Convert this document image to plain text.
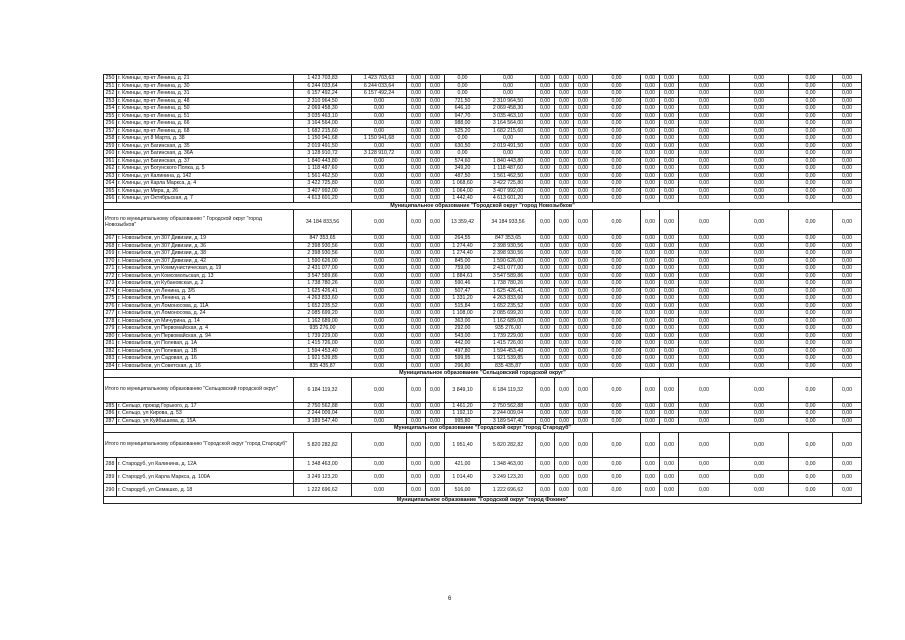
250	г. Клинцы, пр-кт Ленина, д. 21	1 423 703,83	1 423 703,63	0,00	0,00	0,00	0,00	0,00	0,00	0,00	0,00	0,00	0,00	0,00	0,00	0,00	0,00
251	г. Клинцы, пр-кт Ленина, д. 30	6 244 033,64	6 244 033,64	0,00	0,00	0,00	0,00	0,00	0,00	0,00	0,00	0,00	0,00	0,00	0,00	0,00	0,00
252	г. Клинцы, пр-кт Ленина, д. 31	6 157 492,24	6 157 492,24	0,00	0,00	0,00	0,00	0,00	0,00	0,00	0,00	0,00	0,00	0,00	0,00	0,00	0,00
253	г. Клинцы, пр-кт Ленина, д. 48	2 310 964,50	0,00	0,00	0,00	721,50	2 310 964,50	0,00	0,00	0,00	0,00	0,00	0,00	0,00	0,00	0,00	0,00
254	г. Клинцы, пр-кт Ленина, д. 50	2 069 458,30	0,00	0,00	0,00	646,10	2 069 458,30	0,00	0,00	0,00	0,00	0,00	0,00	0,00	0,00	0,00	0,00
255	г. Клинцы, пр-кт Ленина, д. 51	3 035 463,10	0,00	0,00	0,00	947,70	3 035 463,10	0,00	0,00	0,00	0,00	0,00	0,00	0,00	0,00	0,00	0,00
256	г. Клинцы, пр-кт Ленина, д. 66	3 164 564,00	0,00	0,00	0,00	988,00	3 164 564,00	0,00	0,00	0,00	0,00	0,00	0,00	0,00	0,00	0,00	0,00
257	г. Клинцы, пр-кт Ленина, д. 68	1 682 215,60	0,00	0,00	0,00	525,20	1 682 215,60	0,00	0,00	0,00	0,00	0,00	0,00	0,00	0,00	0,00	0,00
258	г. Клинцы, ул 8 Марта, д. 38	1 150 941,68	1 150 941,68	0,00	0,00	0,00	0,00	0,00	0,00	0,00	0,00	0,00	0,00	0,00	0,00	0,00	0,00
259	г. Клинцы, ул Багинская, д. 35	2 019 491,50	0,00	0,00	0,00	630,50	2 019 491,50	0,00	0,00	0,00	0,00	0,00	0,00	0,00	0,00	0,00	0,00
260	г. Клинцы, ул Багинская, д. 36А	3 128 910,72	3 128 910,72	0,00	0,00	0,00	0,00	0,00	0,00	0,00	0,00	0,00	0,00	0,00	0,00	0,00	0,00
261	г. Клинцы, ул Багинская, д. 37	1 840 443,80	0,00	0,00	0,00	574,60	1 840 443,80	0,00	0,00	0,00	0,00	0,00	0,00	0,00	0,00	0,00	0,00
262	г. Клинцы, ул Богунского Полка, д. 5	1 118 487,60	0,00	0,00	0,00	349,20	1 118 487,60	0,00	0,00	0,00	0,00	0,00	0,00	0,00	0,00	0,00	0,00
263	г. Клинцы, ул Калинина, д. 142	1 561 462,50	0,00	0,00	0,00	487,50	1 561 462,50	0,00	0,00	0,00	0,00	0,00	0,00	0,00	0,00	0,00	0,00
264	г. Клинцы, ул Карла Маркса, д. 4	3 422 725,80	0,00	0,00	0,00	1 068,60	3 422 725,80	0,00	0,00	0,00	0,00	0,00	0,00	0,00	0,00	0,00	0,00
265	г. Клинцы, ул Мира, д. 26	3 407 992,00	0,00	0,00	0,00	1 064,00	3 407 992,00	0,00	0,00	0,00	0,00	0,00	0,00	0,00	0,00	0,00	0,00
266	г. Клинцы, ул Октябрьская, д. 7	4 613 601,20	0,00	0,00	0,00	1 442,40	4 613 601,20	0,00	0,00	0,00	0,00	0,00	0,00	0,00	0,00	0,00	0,00
Муниципальное образование "Городской округ "город Новозыбков"																	
Итого по муниципальному образованию " Городской округ "город Новозыбков"		34 184 833,56	0,00	0,00	0,00	13 359,42	34 184 933,56	0,00	0,00	0,00	0,00	0,00	0,00	0,00	0,00	0,00	0,00
267	г. Новозыбков, ул 307 Дивизии, д. 19	847 353,65	0,00	0,00	0,00	264,55	847 353,65	0,00	0,00	0,00	0,00	0,00	0,00	0,00	0,00	0,00	0,00
268	г. Новозыбков, ул 307 Дивизии, д. 36	2 398 930,56	0,00	0,00	0,00	1 274,40	2 398 930,56	0,00	0,00	0,00	0,00	0,00	0,00	0,00	0,00	0,00	0,00
269	г. Новозыбков, ул 307 Дивизии, д. 38	2 398 930,56	0,00	0,00	0,00	1 274,40	2 398 930,56	0,00	0,00	0,00	0,00	0,00	0,00	0,00	0,00	0,00	0,00
270	г. Новозыбков, ул 307 Дивизии, д. 42	1 590 626,00	0,00	0,00	0,00	845,00	1 590 626,00	0,00	0,00	0,00	0,00	0,00	0,00	0,00	0,00	0,00	0,00
271	г. Новозыбков, ул Коммунистическая, д. 19	2 431 077,00	0,00	0,00	0,00	759,00	2 431 077,00	0,00	0,00	0,00	0,00	0,00	0,00	0,00	0,00	0,00	0,00
272	г. Новозыбков, ул Комсомольская, д. 13	3 547 589,86	0,00	0,00	0,00	1 884,61	3 547 589,86	0,00	0,00	0,00	0,00	0,00	0,00	0,00	0,00	0,00	0,00
273	г. Новозыбков, ул Кубановская, д. 2	1 738 780,26	0,00	0,00	0,00	590,46	1 738 780,26	0,00	0,00	0,00	0,00	0,00	0,00	0,00	0,00	0,00	0,00
274	г. Новозыбков, ул Ленина, д. 3/5	1 625 426,41	0,00	0,00	0,00	507,47	1 625 426,41	0,00	0,00	0,00	0,00	0,00	0,00	0,00	0,00	0,00	0,00
275	г. Новозыбков, ул Ленина, д. 4	4 263 833,60	0,00	0,00	0,00	1 331,20	4 263 833,60	0,00	0,00	0,00	0,00	0,00	0,00	0,00	0,00	0,00	0,00
276	г. Новозыбков, ул Ломоносова, д. 11А	1 652 235,52	0,00	0,00	0,00	515,84	1 652 235,52	0,00	0,00	0,00	0,00	0,00	0,00	0,00	0,00	0,00	0,00
277	г. Новозыбков, ул Ломоносова, д. 24	2 085 699,20	0,00	0,00	0,00	1 108,00	2 085 699,20	0,00	0,00	0,00	0,00	0,00	0,00	0,00	0,00	0,00	0,00
278	г. Новозыбков, ул Мичурина, д. 14	1 162 689,00	0,00	0,00	0,00	363,00	1 162 689,00	0,00	0,00	0,00	0,00	0,00	0,00	0,00	0,00	0,00	0,00
279	г. Новозыбков, ул Первомайская, д. 4	935 276,00	0,00	0,00	0,00	292,00	935 276,00	0,00	0,00	0,00	0,00	0,00	0,00	0,00	0,00	0,00	0,00
280	г. Новозыбков, ул Первомайская, д. 94	1 739 229,00	0,00	0,00	0,00	543,00	1 739 229,00	0,00	0,00	0,00	0,00	0,00	0,00	0,00	0,00	0,00	0,00
281	г. Новозыбков, ул Полевая, д. 1А	1 415 726,00	0,00	0,00	0,00	442,00	1 415 726,00	0,00	0,00	0,00	0,00	0,00	0,00	0,00	0,00	0,00	0,00
282	г. Новозыбков, ул Полевая, д. 1В	1 594 453,40	0,00	0,00	0,00	497,80	1 594 453,40	0,00	0,00	0,00	0,00	0,00	0,00	0,00	0,00	0,00	0,00
283	г. Новозыбков, ул Садовая, д. 16	1 921 539,85	0,00	0,00	0,00	599,95	1 921 539,85	0,00	0,00	0,00	0,00	0,00	0,00	0,00	0,00	0,00	0,00
284	г. Новозыбков, ул Советская, д. 16	835 435,87	0,00	0,00	0,00	296,80	835 435,87	0,00	0,00	0,00	0,00	0,00	0,00	0,00	0,00	0,00	0,00
Муниципальное образование "Сельцовский городской округ"																	
Итого по муниципальному образованию "Сельцовский городской округ"		6 184 119,32	0,00	0,00	0,00	3 849,10	6 184 119,32	0,00	0,00	0,00	0,00	0,00	0,00	0,00	0,00	0,00	0,00
285	г. Сельцо, проезд Горького, д. 17	2 750 562,88	0,00	0,00	0,00	1 461,20	2 750 562,88	0,00	0,00	0,00	0,00	0,00	0,00	0,00	0,00	0,00	0,00
286	г. Сельцо, ул Кирова, д. 53	2 244 009,04	0,00	0,00	0,00	1 192,10	2 244 009,04	0,00	0,00	0,00	0,00	0,00	0,00	0,00	0,00	0,00	0,00
287	г. Сельцо, ул Куйбышева, д. 15А	3 189 547,40	0,00	0,00	0,00	995,80	3 189 547,40	0,00	0,00	0,00	0,00	0,00	0,00	0,00	0,00	0,00	0,00
Муниципальное образование "Городской округ "город Стародуб"																	
Итого по муниципальному образованию "Городской округ "город Стародуб"		5 820 282,82	0,00	0,00	0,00	1 951,40	5 820 282,82	0,00	0,00	0,00	0,00	0,00	0,00	0,00	0,00	0,00	0,00
288	г. Стародуб, ул Калинина, д. 12А	1 348 463,00	0,00	0,00	0,00	421,00	1 348 463,00	0,00	0,00	0,00	0,00	0,00	0,00	0,00	0,00	0,00	0,00
289	г. Стародуб, ул Карла Маркса, д. 100А	3 249 123,20	0,00	0,00	0,00	1 014,40	3 249 123,20	0,00	0,00	0,00	0,00	0,00	0,00	0,00	0,00	0,00	0,00
290	г. Стародуб, ул Семашко, д. 18	1 222 696,62	0,00	0,00	0,00	516,00	1 222 696,62	0,00	0,00	0,00	0,00	0,00	0,00	0,00	0,00	0,00	0,00
Муниципальное образование "Городской округ "город Фокино"																	
6
